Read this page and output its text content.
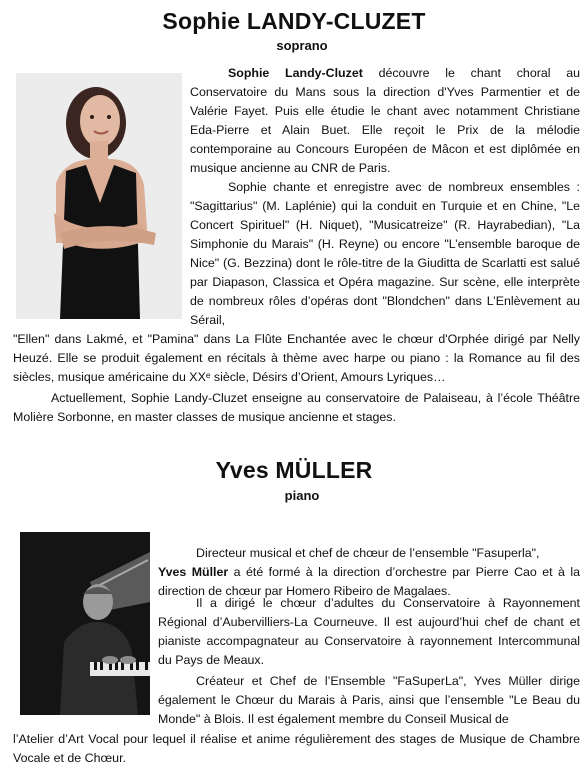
Sophie LANDY-CLUZET
soprano
Sophie Landy-Cluzet découvre le chant choral au Conservatoire du Mans sous la direction d'Yves Parmentier et de Valérie Fayet. Puis elle étudie le chant avec notamment Christiane Eda-Pierre et Alain Buet. Elle reçoit le Prix de la mélodie contemporaine au Concours Européen de Mâcon et est diplômée en musique ancienne au CNR de Paris.
Sophie chante et enregistre avec de nombreux ensembles : "Sagittarius" (M. Laplénie) qui la conduit en Turquie et en Chine, "Le Concert Spirituel" (H. Niquet), "Musicatreize" (R. Hayrabedian), "La Simphonie du Marais" (H. Reyne) ou encore "L’ensemble baroque de Nice" (G. Bezzina) dont le rôle-titre de la Giuditta de Scarlatti est salué par Diapason, Classica et Opéra magazine. Sur scène, elle interprète de nombreux rôles d’opéras dont "Blondchen" dans L’Enlèvement au Sérail,
"Ellen" dans Lakmé, et "Pamina" dans La Flûte Enchantée avec le chœur d'Orphée dirigé par Nelly Heuzé. Elle se produit également en récitals à thème avec harpe ou piano : la Romance au fil des siècles, musique américaine du XXᵉ siècle, Désirs d’Orient, Amours Lyriques…
Actuellement, Sophie Landy-Cluzet enseigne au conservatoire de Palaiseau, à l’école Théâtre Molière Sorbonne, en master classes de musique ancienne et stages.
Yves MÜLLER
piano
Directeur musical et chef de chœur de l’ensemble "Fasuperla",
Yves Müller a été formé à la direction d’orchestre par Pierre Cao et à la direction de chœur par Homero Ribeiro de Magalaes.
Il a dirigé le chœur d’adultes du Conservatoire à Rayonnement Régional d’Aubervilliers-La Courneuve. Il est aujourd’hui chef de chant et pianiste accompagnateur au Conservatoire à rayonnement Intercommunal du Pays de Meaux.
Créateur et Chef de l’Ensemble "FaSuperLa", Yves Müller dirige également le Chœur du Marais à Paris, ainsi que l’ensemble "Le Beau du Monde" à Blois. Il est également membre du Conseil Musical de
l’Atelier d’Art Vocal pour lequel il réalise et anime régulièrement des stages de Musique de Chambre Vocale et de Chœur.
